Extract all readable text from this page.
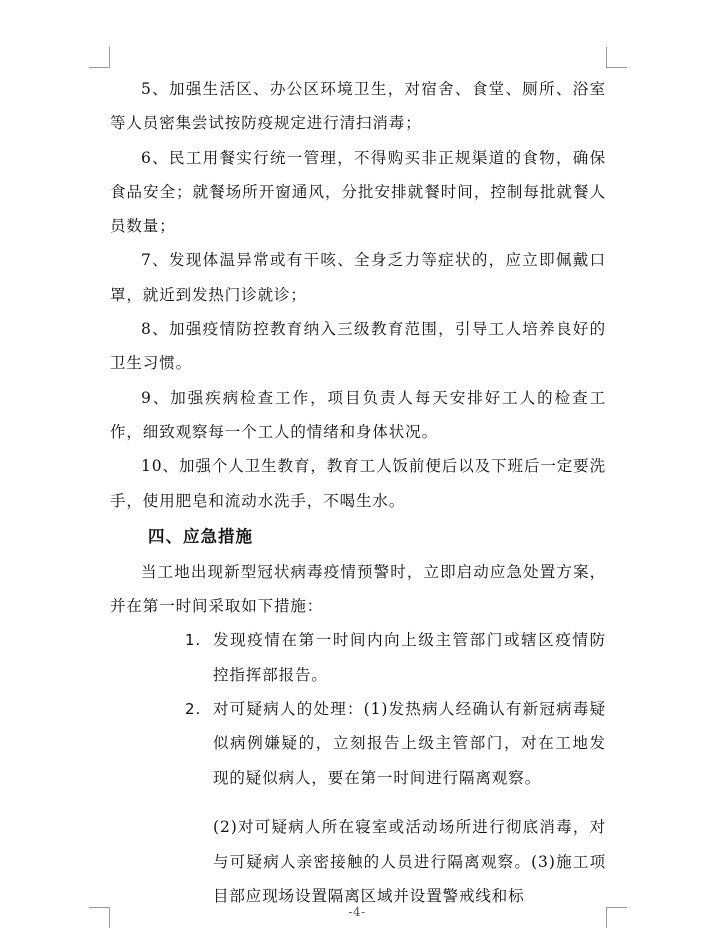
5、加强生活区、办公区环境卫生，对宿舍、食堂、厕所、浴室等人员密集尝试按防疫规定进行清扫消毒；

6、民工用餐实行统一管理，不得购买非正规渠道的食物，确保食品安全；就餐场所开窗通风，分批安排就餐时间，控制每批就餐人员数量；

7、发现体温异常或有干咳、全身乏力等症状的，应立即佩戴口罩，就近到发热门诊就诊；

8、加强疫情防控教育纳入三级教育范围，引导工人培养良好的卫生习惯。

9、加强疾病检查工作，项目负责人每天安排好工人的检查工作，细致观察每一个工人的情绪和身体状况。

10、加强个人卫生教育，教育工人饭前便后以及下班后一定要洗手，使用肥皂和流动水洗手，不喝生水。

四、应急措施

当工地出现新型冠状病毒疫情预警时，立即启动应急处置方案，并在第一时间采取如下措施：

1. 发现疫情在第一时间内向上级主管部门或辖区疫情防控指挥部报告。
2. 对可疑病人的处理：(1)发热病人经确认有新冠病毒疑似病例嫌疑的，立刻报告上级主管部门，对在工地发现的疑似病人，要在第一时间进行隔离观察。

(2)对可疑病人所在寝室或活动场所进行彻底消毒，对与可疑病人亲密接触的人员进行隔离观察。(3)施工项目部应现场设置隔离区域并设置警戒线和标

-4-
